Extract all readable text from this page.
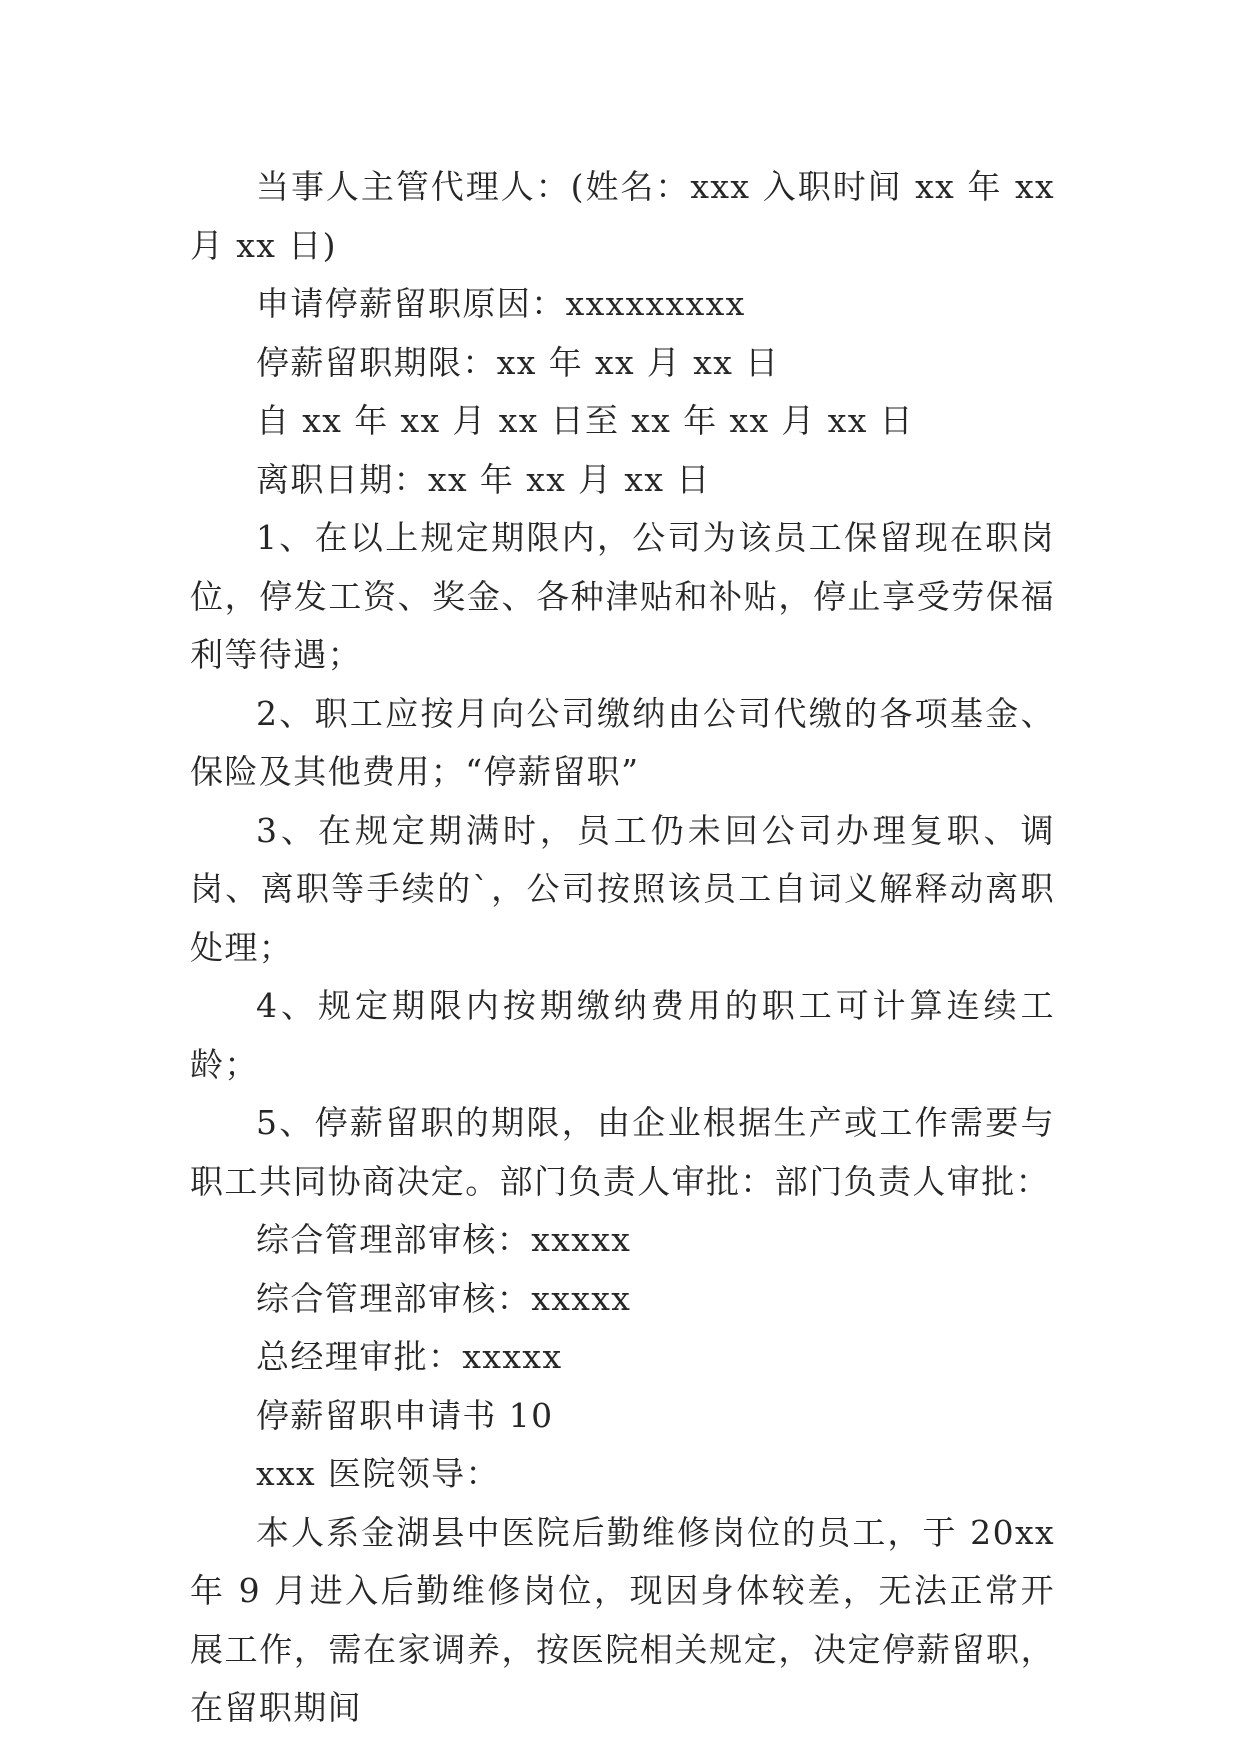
当事人主管代理人：(姓名：xxx 入职时间 xx 年 xx 月 xx 日)

申请停薪留职原因：xxxxxxxxx

停薪留职期限：xx 年 xx 月 xx 日

自 xx 年 xx 月 xx 日至 xx 年 xx 月 xx 日

离职日期：xx 年 xx 月 xx 日

1、在以上规定期限内，公司为该员工保留现在职岗位，停发工资、奖金、各种津贴和补贴，停止享受劳保福利等待遇；

2、职工应按月向公司缴纳由公司代缴的各项基金、保险及其他费用；“停薪留职”

3、在规定期满时，员工仍未回公司办理复职、调岗、离职等手续的`，公司按照该员工自词义解释动离职处理；

4、规定期限内按期缴纳费用的职工可计算连续工龄；

5、停薪留职的期限，由企业根据生产或工作需要与职工共同协商决定。部门负责人审批：部门负责人审批：

综合管理部审核：xxxxx

综合管理部审核：xxxxx

总经理审批：xxxxx

停薪留职申请书 10

xxx 医院领导：

本人系金湖县中医院后勤维修岗位的员工，于 20xx 年 9 月进入后勤维修岗位，现因身体较差，无法正常开展工作，需在家调养，按医院相关规定，决定停薪留职，在留职期间
